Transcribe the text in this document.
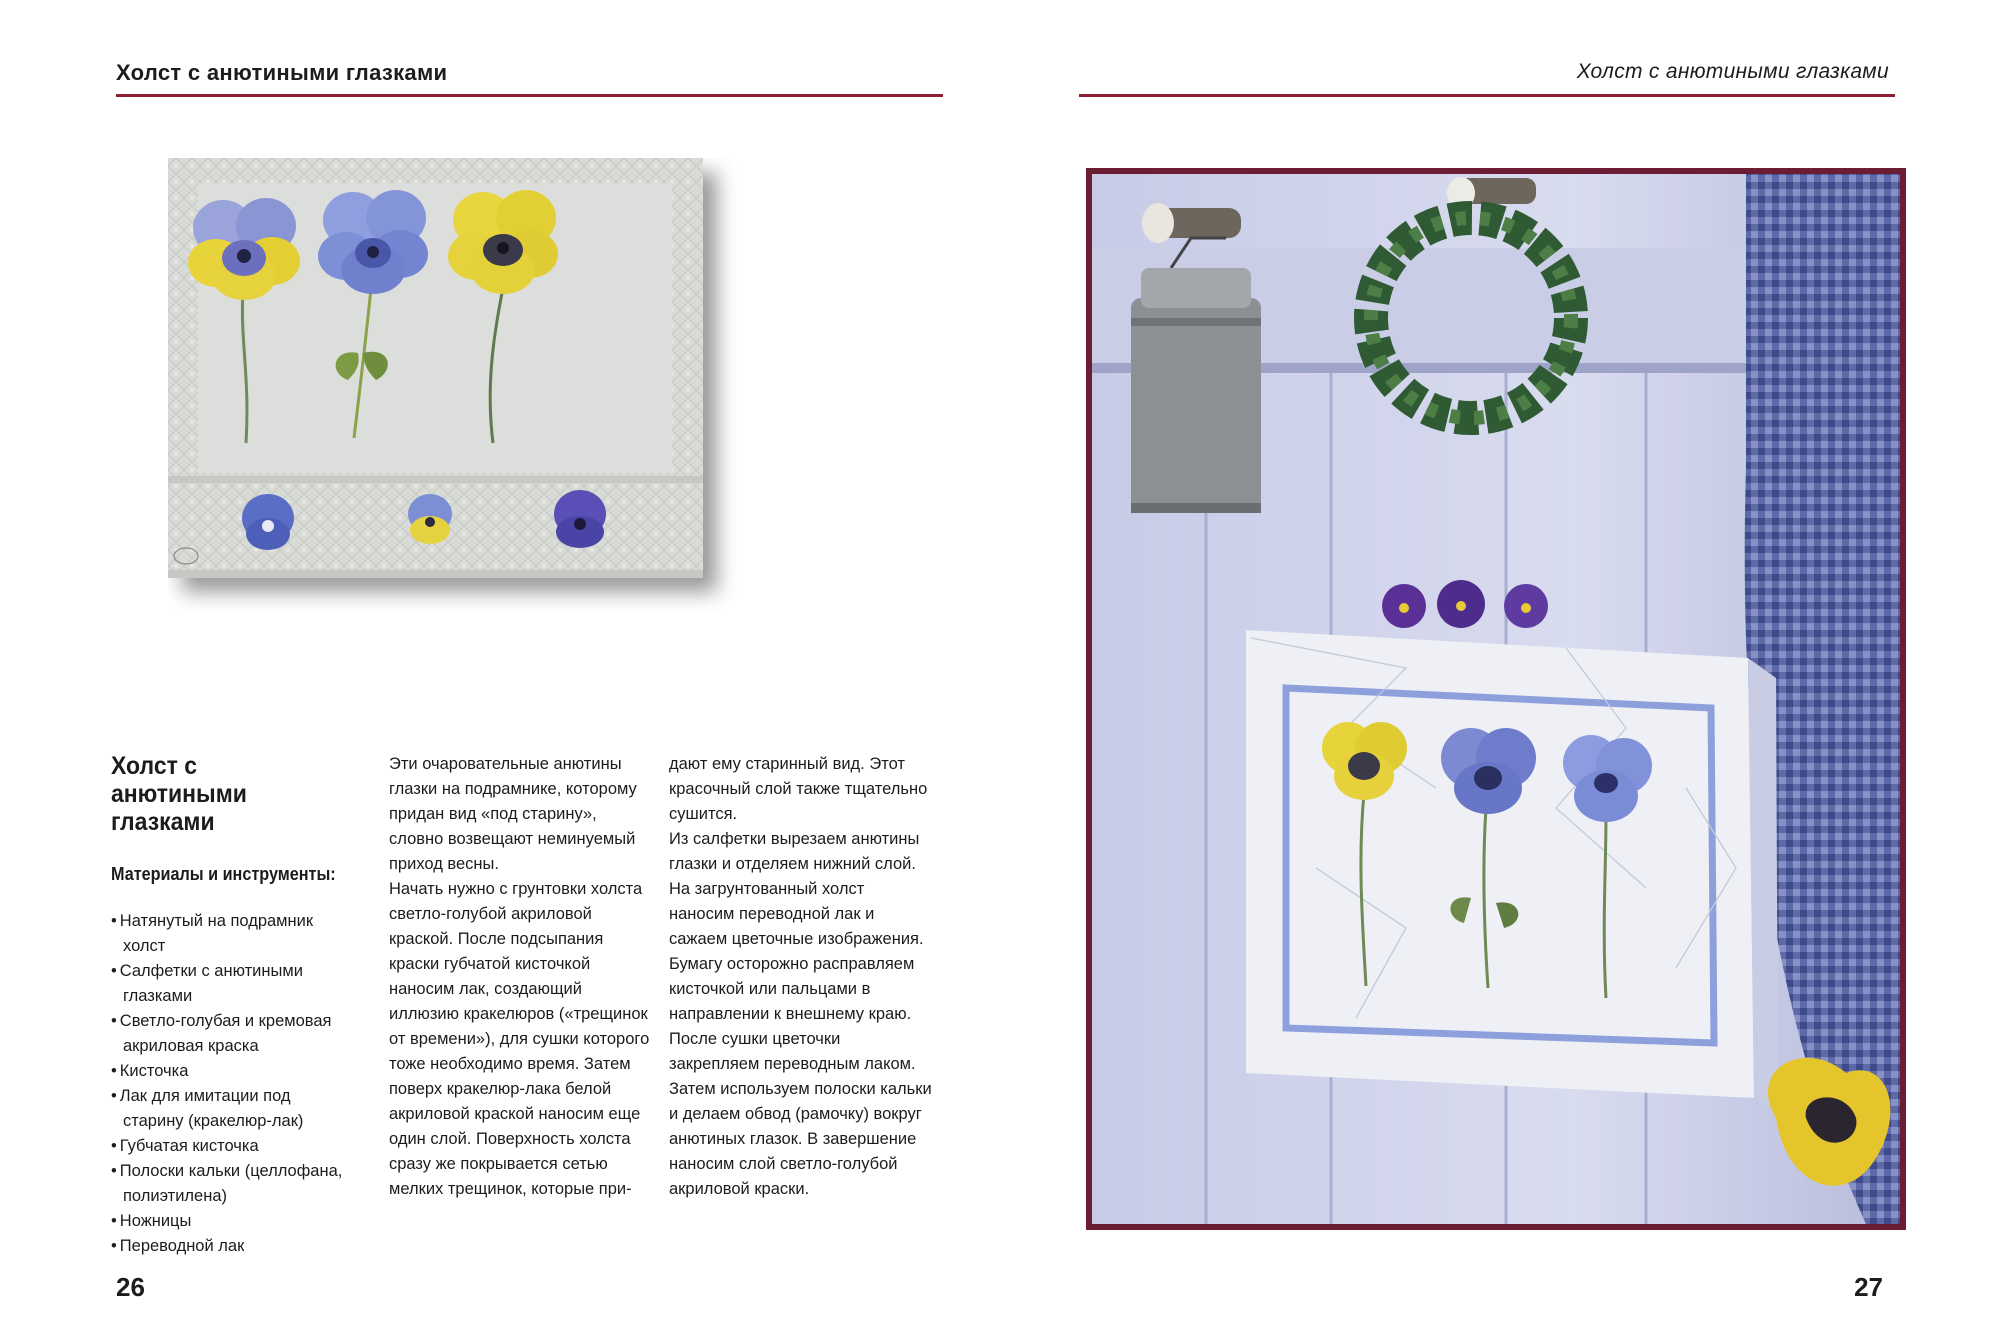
Холст с анютиными глазками
Холст с анютиными глазками
Материалы и инструменты:
• Натянутый на подрамник холст
• Салфетки с анютиными глазками
• Светло-голубая и кремовая акриловая краска
• Кисточка
• Лак для имитации под старину (кракелюр-лак)
• Губчатая кисточка
• Полоски кальки (целлофана, полиэтилена)
• Ножницы
• Переводной лак

Эти очаровательные анютины глазки на подрамнике, которому придан вид «под старину», словно возвещают неминуемый приход весны.

Начать нужно с грунтовки холста светло-голубой акриловой краской. После подсыпания краски губчатой кисточкой наносим лак, создающий иллюзию кракелюров («трещинок от времени»), для сушки которого тоже необходимо время. Затем поверх кракелюр-лака белой акриловой краской наносим еще один слой. Поверхность холста сразу же покрывается сетью мелких трещинок, которые при-

дают ему старинный вид. Этот красочный слой также тщательно сушится.

Из салфетки вырезаем анютины глазки и отделяем нижний слой. На загрунтованный холст наносим переводной лак и сажаем цветочные изображения. Бумагу осторожно расправляем кисточкой или пальцами в направлении к внешнему краю. После сушки цветочки закрепляем переводным лаком. Затем используем полоски кальки и делаем обвод (рамочку) вокруг анютиных глазок. В завершение наносим слой светло-голубой акриловой краски.

26
Холст с анютиными глазками
27
